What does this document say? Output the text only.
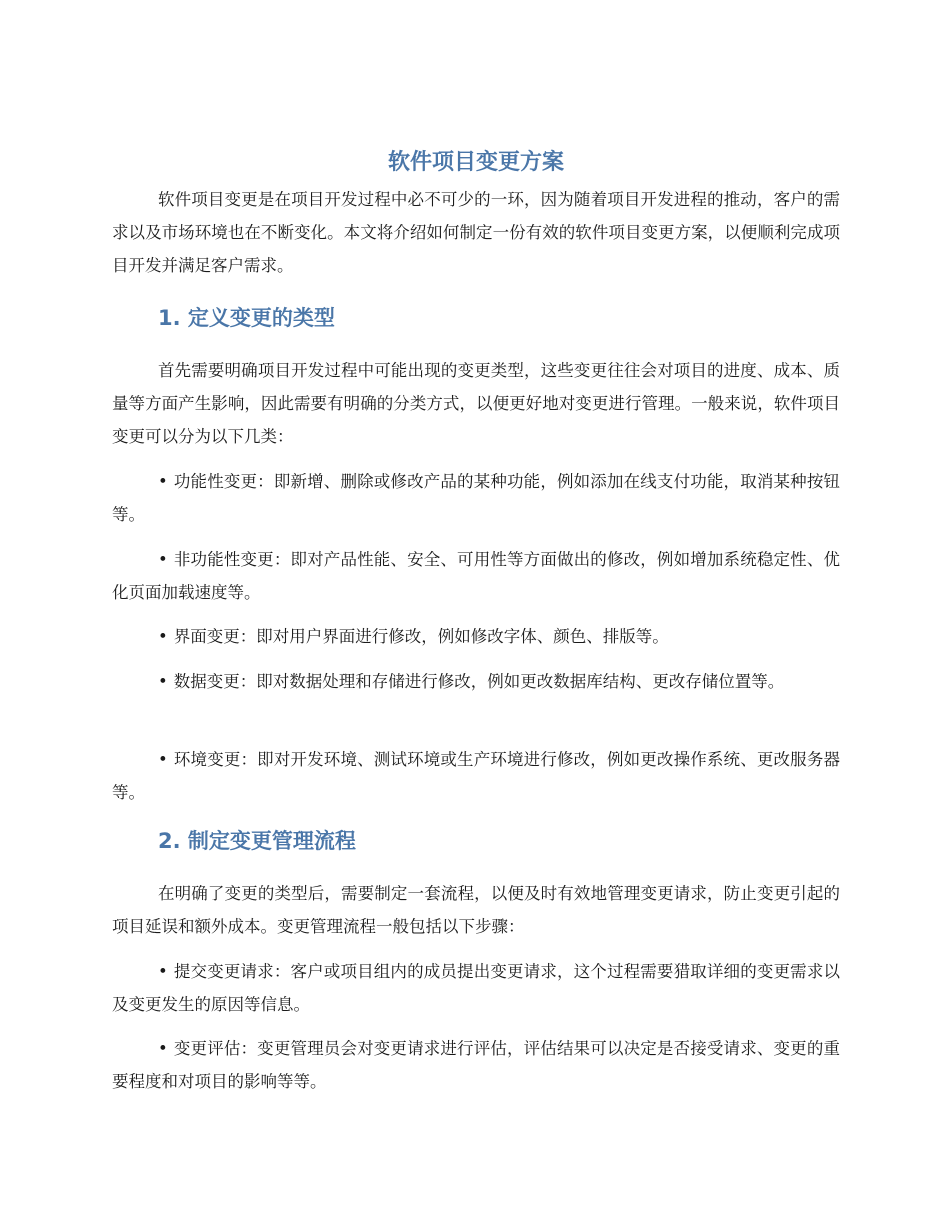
软件项目变更方案

软件项目变更是在项目开发过程中必不可少的一环，因为随着项目开发进程的推动，客户的需求以及市场环境也在不断变化。本文将介绍如何制定一份有效的软件项目变更方案，以便顺利完成项目开发并满足客户需求。

1. 定义变更的类型

首先需要明确项目开发过程中可能出现的变更类型，这些变更往往会对项目的进度、成本、质量等方面产生影响，因此需要有明确的分类方式，以便更好地对变更进行管理。一般来说，软件项目变更可以分为以下几类：

• 功能性变更：即新增、删除或修改产品的某种功能，例如添加在线支付功能，取消某种按钮等。

• 非功能性变更：即对产品性能、安全、可用性等方面做出的修改，例如增加系统稳定性、优化页面加载速度等。

• 界面变更：即对用户界面进行修改，例如修改字体、颜色、排版等。

• 数据变更：即对数据处理和存储进行修改，例如更改数据库结构、更改存储位置等。

• 环境变更：即对开发环境、测试环境或生产环境进行修改，例如更改操作系统、更改服务器等。

2. 制定变更管理流程

在明确了变更的类型后，需要制定一套流程，以便及时有效地管理变更请求，防止变更引起的项目延误和额外成本。变更管理流程一般包括以下步骤：

• 提交变更请求：客户或项目组内的成员提出变更请求，这个过程需要猎取详细的变更需求以及变更发生的原因等信息。

• 变更评估：变更管理员会对变更请求进行评估，评估结果可以决定是否接受请求、变更的重要程度和对项目的影响等等。
